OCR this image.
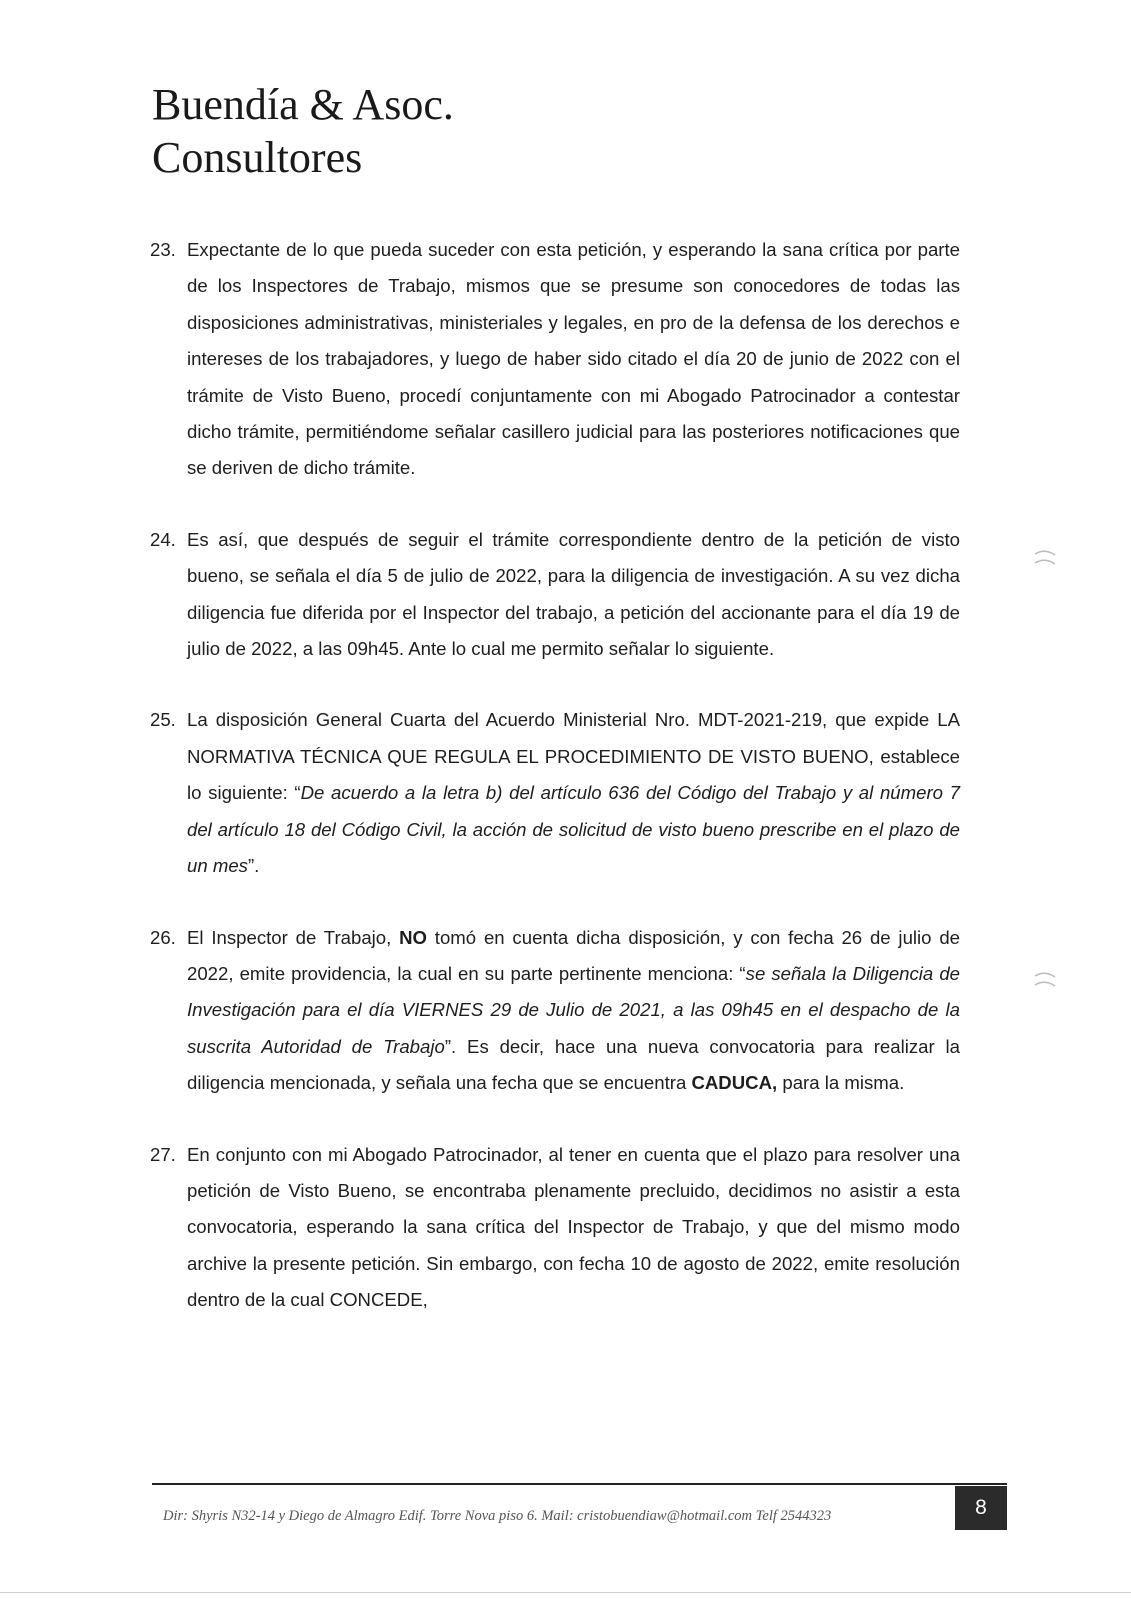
Buendía & Asoc.
Consultores
23. Expectante de lo que pueda suceder con esta petición, y esperando la sana crítica por parte de los Inspectores de Trabajo, mismos que se presume son conocedores de todas las disposiciones administrativas, ministeriales y legales, en pro de la defensa de los derechos e intereses de los trabajadores, y luego de haber sido citado el día 20 de junio de 2022 con el trámite de Visto Bueno, procedí conjuntamente con mi Abogado Patrocinador a contestar dicho trámite, permitiéndome señalar casillero judicial para las posteriores notificaciones que se deriven de dicho trámite.

24. Es así, que después de seguir el trámite correspondiente dentro de la petición de visto bueno, se señala el día 5 de julio de 2022, para la diligencia de investigación. A su vez dicha diligencia fue diferida por el Inspector del trabajo, a petición del accionante para el día 19 de julio de 2022, a las 09h45. Ante lo cual me permito señalar lo siguiente.

25. La disposición General Cuarta del Acuerdo Ministerial Nro. MDT-2021-219, que expide LA NORMATIVA TÉCNICA QUE REGULA EL PROCEDIMIENTO DE VISTO BUENO, establece lo siguiente: “De acuerdo a la letra b) del artículo 636 del Código del Trabajo y al número 7 del artículo 18 del Código Civil, la acción de solicitud de visto bueno prescribe en el plazo de un mes”.

26. El Inspector de Trabajo, NO tomó en cuenta dicha disposición, y con fecha 26 de julio de 2022, emite providencia, la cual en su parte pertinente menciona: “se señala la Diligencia de Investigación para el día VIERNES 29 de Julio de 2021, a las 09h45 en el despacho de la suscrita Autoridad de Trabajo”. Es decir, hace una nueva convocatoria para realizar la diligencia mencionada, y señala una fecha que se encuentra CADUCA, para la misma.

27. En conjunto con mi Abogado Patrocinador, al tener en cuenta que el plazo para resolver una petición de Visto Bueno, se encontraba plenamente precluido, decidimos no asistir a esta convocatoria, esperando la sana crítica del Inspector de Trabajo, y que del mismo modo archive la presente petición. Sin embargo, con fecha 10 de agosto de 2022, emite resolución dentro de la cual CONCEDE,

Dir: Shyris N32-14 y Diego de Almagro Edif. Torre Nova piso 6. Mail: cristobuendiaw@hotmail.com Telf 2544323	8
